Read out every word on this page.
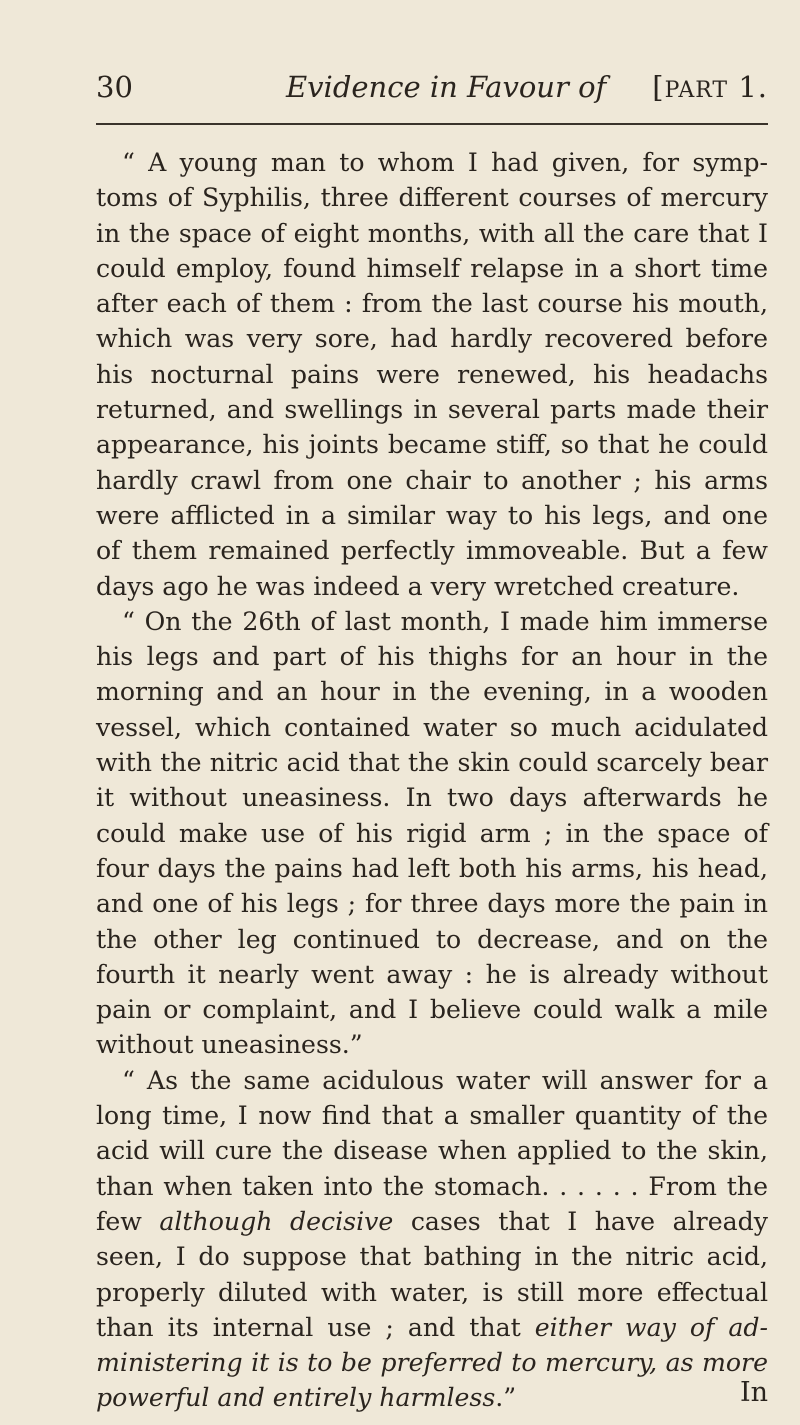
30	Evidence in Favour of [PART 1.

“ A young man to whom I had given, for symptoms of Syphilis, three different courses of mercury in the space of eight months, with all the care that I could employ, found himself relapse in a short time after each of them : from the last course his mouth, which was very sore, had hardly recovered before his nocturnal pains were renewed, his headachs returned, and swellings in several parts made their appearance, his joints became stiff, so that he could hardly crawl from one chair to another ; his arms were afflicted in a similar way to his legs, and one of them remained perfectly immoveable. But a few days ago he was indeed a very wretched creature.

“ On the 26th of last month, I made him immerse his legs and part of his thighs for an hour in the morning and an hour in the evening, in a wooden vessel, which contained water so much acidulated with the nitric acid that the skin could scarcely bear it without uneasiness. In two days afterwards he could make use of his rigid arm ; in the space of four days the pains had left both his arms, his head, and one of his legs ; for three days more the pain in the other leg continued to decrease, and on the fourth it nearly went away : he is already without pain or complaint, and I believe could walk a mile without uneasiness.”

“ As the same acidulous water will answer for a long time, I now find that a smaller quantity of the acid will cure the disease when applied to the skin, than when taken into the stomach. . . . . . From the few although decisive cases that I have already seen, I do suppose that bathing in the nitric acid, properly diluted with water, is still more effectual than its internal use ; and that either way of administering it is to be preferred to mercury, as more powerful and entirely harmless.”	In
